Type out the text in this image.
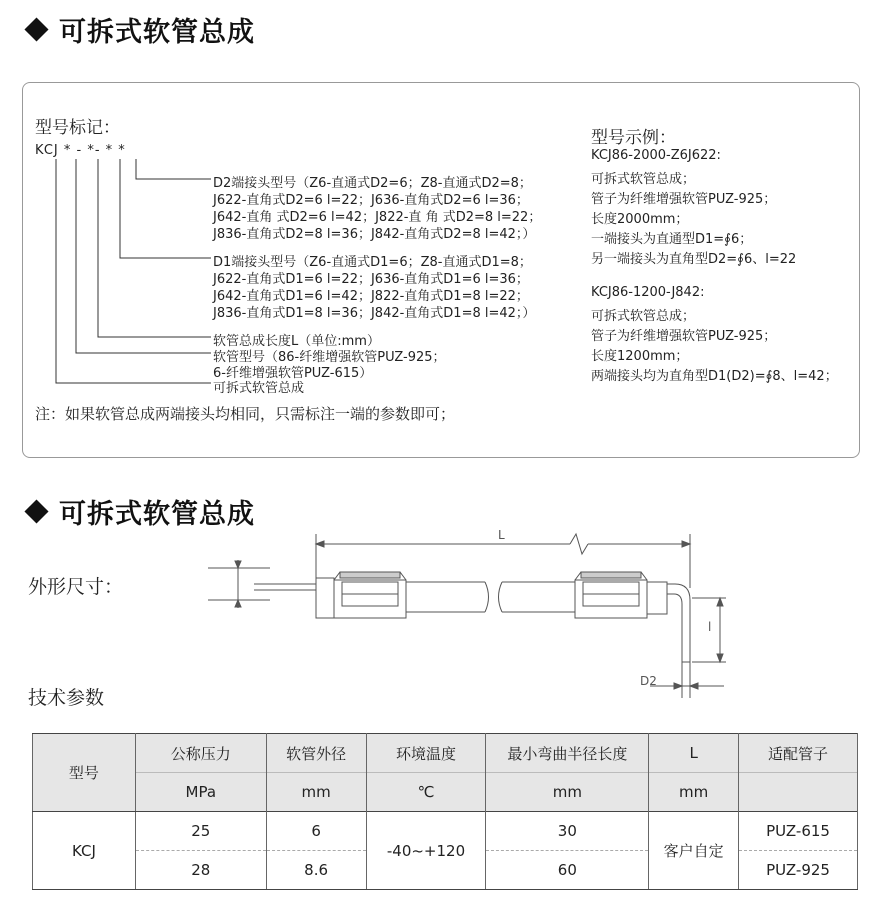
可拆式软管总成
型号标记：
KCJ * - *- * *
D2端接头型号（Z6-直通式D2=6；Z8-直通式D2=8；
J622-直角式D2=6 l=22；J636-直角式D2=6 l=36；
J642-直角 式D2=6 l=42；J822-直 角 式D2=8 l=22；
J836-直角式D2=8 l=36；J842-直角式D2=8 l=42；）
D1端接头型号（Z6-直通式D1=6；Z8-直通式D1=8；
J622-直角式D1=6 l=22；J636-直角式D1=6 l=36；
J642-直角式D1=6 l=42；J822-直角式D1=8 l=22；
J836-直角式D1=8 l=36；J842-直角式D1=8 l=42；）
软管总成长度L（单位:mm）
软管型号（86-纤维增强软管PUZ-925；
6-纤维增强软管PUZ-615）
可拆式软管总成
注：如果软管总成两端接头均相同，只需标注一端的参数即可；
型号示例：
KCJ86-2000-Z6J622:
可拆式软管总成；
管子为纤维增强软管PUZ-925；
长度2000mm；
一端接头为直通型D1=∮6；
另一端接头为直角型D2=∮6、l=22
KCJ86-1200-J842:
可拆式软管总成；
管子为纤维增强软管PUZ-925；
长度1200mm；
两端接头均为直角型D1(D2)=∮8、l=42；
可拆式软管总成
外形尺寸：
L
l
D2
技术参数
型号	公称压力	软管外径	环境温度	最小弯曲半径长度	L	适配管子
	MPa	mm	℃	mm	mm	
KCJ	25	6	-40~+120	30	客户自定	PUZ-615
	28	8.6		60		PUZ-925
